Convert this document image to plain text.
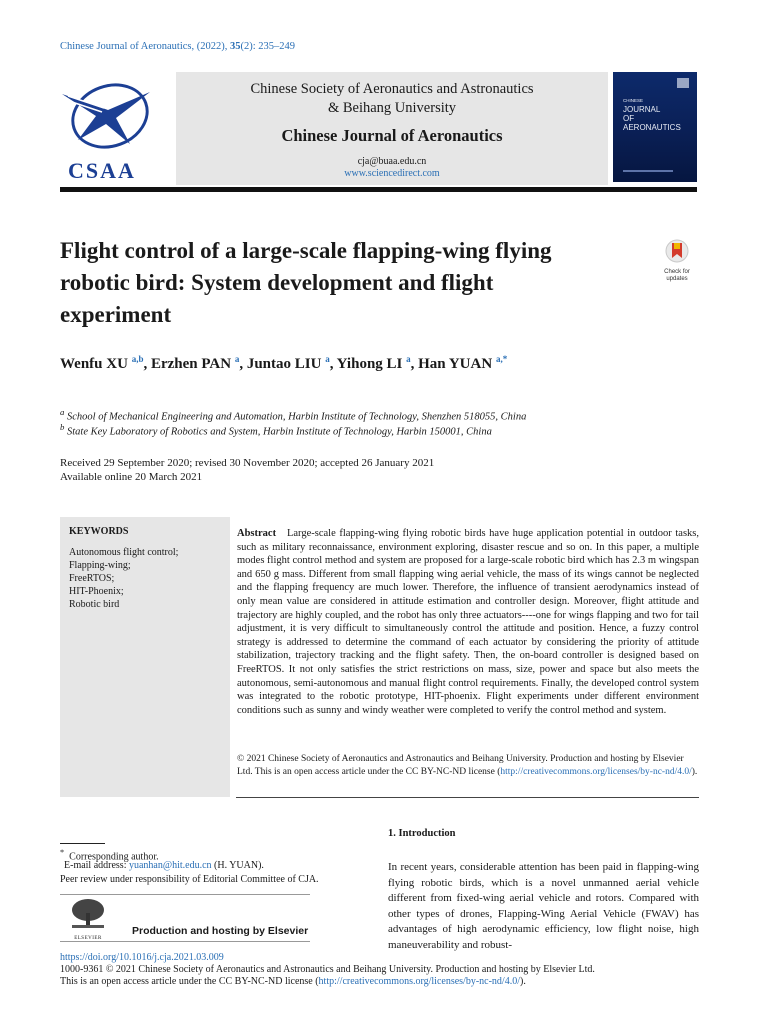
Chinese Journal of Aeronautics, (2022), 35(2): 235–249
CSAA
Chinese Society of Aeronautics and Astronautics
& Beihang University
Chinese Journal of Aeronautics
cja@buaa.edu.cn
www.sciencedirect.com
CHINESE
JOURNAL
OF
AERONAUTICS
Flight control of a large-scale flapping-wing flying
robotic bird: System development and flight
experiment
Check for
updates
Wenfu XU $^{a,b}$, Erzhen PAN $^a$, Juntao LIU $^a$, Yihong LI $^a$, Han YUAN $^{a,*}$
$^a$ School of Mechanical Engineering and Automation, Harbin Institute of Technology, Shenzhen 518055, China
$^b$ State Key Laboratory of Robotics and System, Harbin Institute of Technology, Harbin 150001, China
Received 29 September 2020; revised 30 November 2020; accepted 26 January 2021
Available online 20 March 2021
KEYWORDS
Autonomous flight control;
Flapping-wing;
FreeRTOS;
HIT-Phoenix;
Robotic bird
Abstract Large-scale flapping-wing flying robotic birds have huge application potential in outdoor tasks, such as military reconnaissance, environment exploring, disaster rescue and so on. In this paper, a multiple modes flight control method and system are proposed for a large-scale robotic bird which has 2.3 m wingspan and 650 g mass. Different from small flapping wing aerial vehicle, the mass of its wings cannot be neglected and the flapping frequency are much lower. Therefore, the influence of transient aerodynamics instead of only mean value are considered in attitude estimation and controller design. Moreover, flight attitude and trajectory are highly coupled, and the robot has only three actuators----one for wings flapping and two for tail adjustment, it is very difficult to simultaneously control the attitude and position. Hence, a fuzzy control strategy is addressed to determine the command of each actuator by considering the priority of attitude stabilization, trajectory tracking and the flight safety. Then, the on-board controller is designed based on FreeRTOS. It not only satisfies the strict restrictions on mass, size, power and space but also meets the autonomous, semi-autonomous and manual flight control requirements. Finally, the developed control system was integrated to the robotic prototype, HIT-phoenix. Flight experiments under different environment conditions such as sunny and windy weather were completed to verify the control method and system.
© 2021 Chinese Society of Aeronautics and Astronautics and Beihang University. Production and hosting by Elsevier Ltd. This is an open access article under the CC BY-NC-ND license (http://creativecommons.org/licenses/by-nc-nd/4.0/).
* Corresponding author.
E-mail address: yuanhan@hit.edu.cn (H. YUAN).
Peer review under responsibility of Editorial Committee of CJA.
ELSEVIER
Production and hosting by Elsevier
1. Introduction
In recent years, considerable attention has been paid in flapping-wing flying robotic birds, which is a novel unmanned aerial vehicle different from fixed-wing aerial vehicle and rotors. Compared with other types of drones, Flapping-Wing Aerial Vehicle (FWAV) has advantages of high aerodynamic efficiency, low flight noise, high maneuverability and robust-
https://doi.org/10.1016/j.cja.2021.03.009
1000-9361 © 2021 Chinese Society of Aeronautics and Astronautics and Beihang University. Production and hosting by Elsevier Ltd.
This is an open access article under the CC BY-NC-ND license (http://creativecommons.org/licenses/by-nc-nd/4.0/).
